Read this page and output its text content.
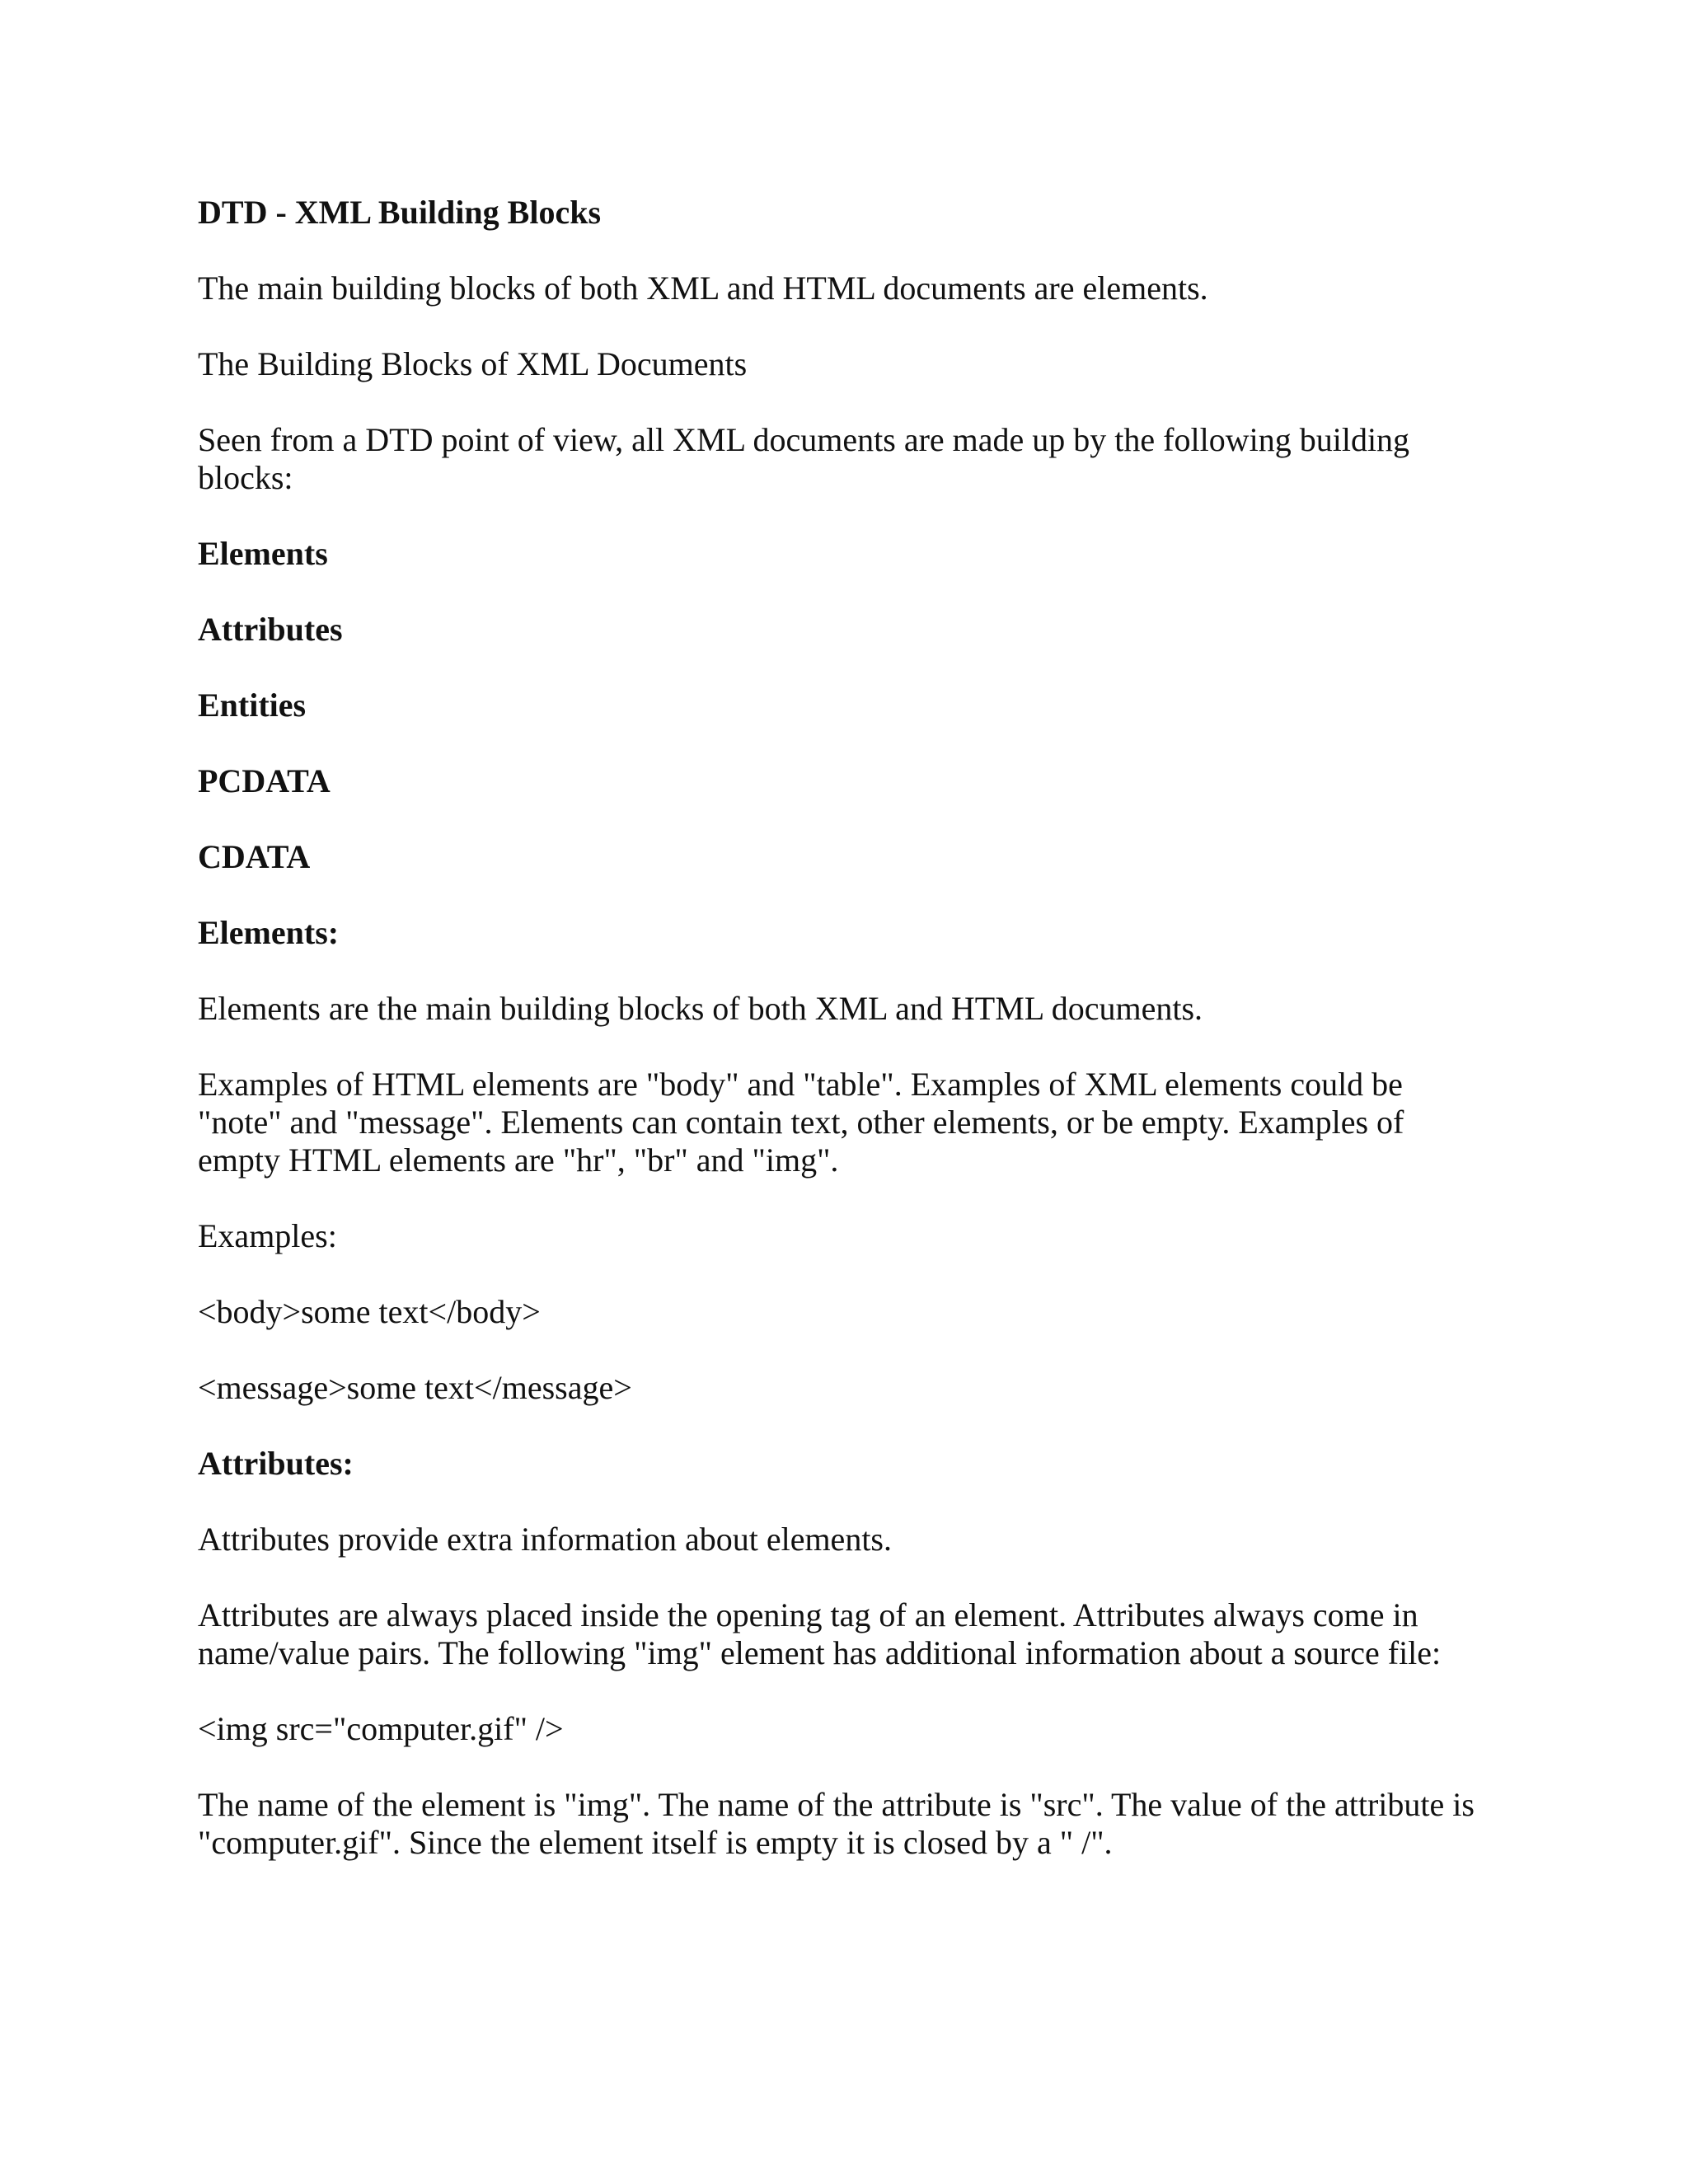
DTD - XML Building Blocks

The main building blocks of both XML and HTML documents are elements.

The Building Blocks of XML Documents

Seen from a DTD point of view, all XML documents are made up by the following building blocks:

Elements

Attributes

Entities

PCDATA

CDATA

Elements:

Elements are the main building blocks of both XML and HTML documents.

Examples of HTML elements are "body" and "table". Examples of XML elements could be "note" and "message". Elements can contain text, other elements, or be empty. Examples of empty HTML elements are "hr", "br" and "img".

Examples:

<body>some text</body>

<message>some text</message>

Attributes:

Attributes provide extra information about elements.

Attributes are always placed inside the opening tag of an element. Attributes always come in name/value pairs. The following "img" element has additional information about a source file:

<img src="computer.gif" />

The name of the element is "img". The name of the attribute is "src". The value of the attribute is "computer.gif". Since the element itself is empty it is closed by a " /".
